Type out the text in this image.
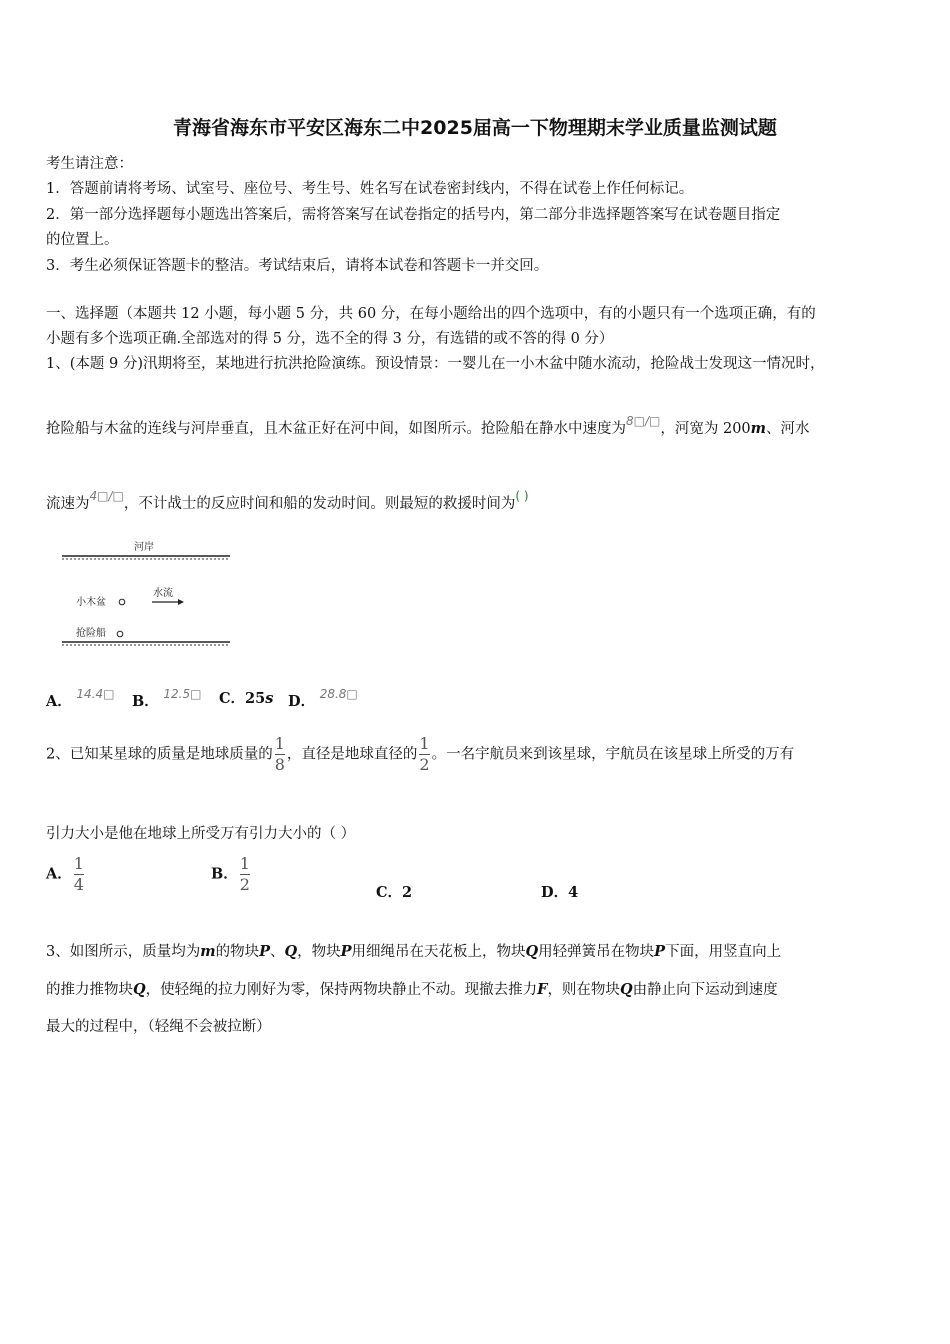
青海省海东市平安区海东二中2025届高一下物理期末学业质量监测试题
考生请注意：
1．答题前请将考场、试室号、座位号、考生号、姓名写在试卷密封线内，不得在试卷上作任何标记。
2．第一部分选择题每小题选出答案后，需将答案写在试卷指定的括号内，第二部分非选择题答案写在试卷题目指定
的位置上。
3．考生必须保证答题卡的整洁。考试结束后，请将本试卷和答题卡一并交回。
一、选择题（本题共 12 小题，每小题 5 分，共 60 分，在每小题给出的四个选项中，有的小题只有一个选项正确，有的
小题有多个选项正确.全部选对的得 5 分，选不全的得 3 分，有选错的或不答的得 0 分）
1、(本题 9 分)汛期将至，某地进行抗洪抢险演练。预设情景：一婴儿在一小木盆中随水流动，抢险战士发现这一情况时，
抢险船与木盆的连线与河岸垂直，且木盆正好在河中间，如图所示。抢险船在静水中速度为8□/□，河宽为 200m、河水
流速为4□/□，不计战士的反应时间和船的发动时间。则最短的救援时间为( )
河岸
小木盆
水流
抢险船
A． 14.4□ B． 12.5□ C．25s D． 28.8□
2、已知某星球的质量是地球质量的 $\frac{1}{8}$ ，直径是地球直径的 $\frac{1}{2}$ 。一名宇航员来到该星球，宇航员在该星球上所受的万有
引力大小是他在地球上所受万有引力大小的（ ）
A． $\frac{1}{4}$	B． $\frac{1}{2}$	C．2	D．4
3、如图所示，质量均为m的物块P、Q，物块P用细绳吊在天花板上，物块Q用轻弹簧吊在物块P下面，用竖直向上
的推力推物块Q，使轻绳的拉力刚好为零，保持两物块静止不动。现撤去推力F，则在物块Q由静止向下运动到速度
最大的过程中，（轻绳不会被拉断）
